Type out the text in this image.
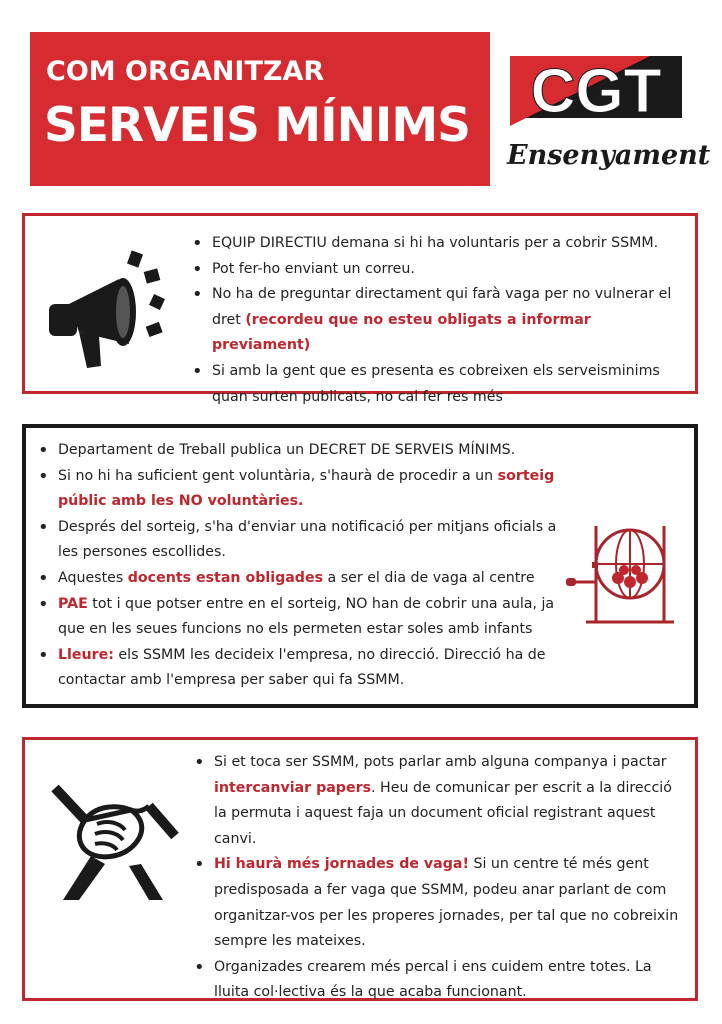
COM ORGANITZAR
SERVEIS MÍNIMS CGT
Ensenyament
• EQUIP DIRECTIU demana si hi ha voluntaris per a cobrir SSMM.
• Pot fer-ho enviant un correu.
• No ha de preguntar directament qui farà vaga per no vulnerar el dret (recordeu que no esteu obligats a informar previament)
• Si amb la gent que es presenta es cobreixen els serveisminims quan surten publicats, no cal fer res més
• Departament de Treball publica un DECRET DE SERVEIS MÍNIMS.
• Si no hi ha suficient gent voluntària, s'haurà de procedir a un sorteig públic amb les NO voluntàries.
• Després del sorteig, s'ha d'enviar una notificació per mitjans oficials a les persones escollides.
• Aquestes docents estan obligades a ser el dia de vaga al centre
• PAE tot i que potser entre en el sorteig, NO han de cobrir una aula, ja que en les seues funcions no els permeten estar soles amb infants
• Lleure: els SSMM les decideix l'empresa, no direcció. Direcció ha de contactar amb l'empresa per saber qui fa SSMM.
• Si et toca ser SSMM, pots parlar amb alguna companya i pactar intercanviar papers. Heu de comunicar per escrit a la direcció la permuta i aquest faja un document oficial registrant aquest canvi.
• Hi haurà més jornades de vaga! Si un centre té més gent predisposada a fer vaga que SSMM, podeu anar parlant de com organitzar-vos per les properes jornades, per tal que no cobreixin sempre les mateixes.
• Organizades crearem més percal i ens cuidem entre totes. La lluita col·lectiva és la que acaba funcionant.
